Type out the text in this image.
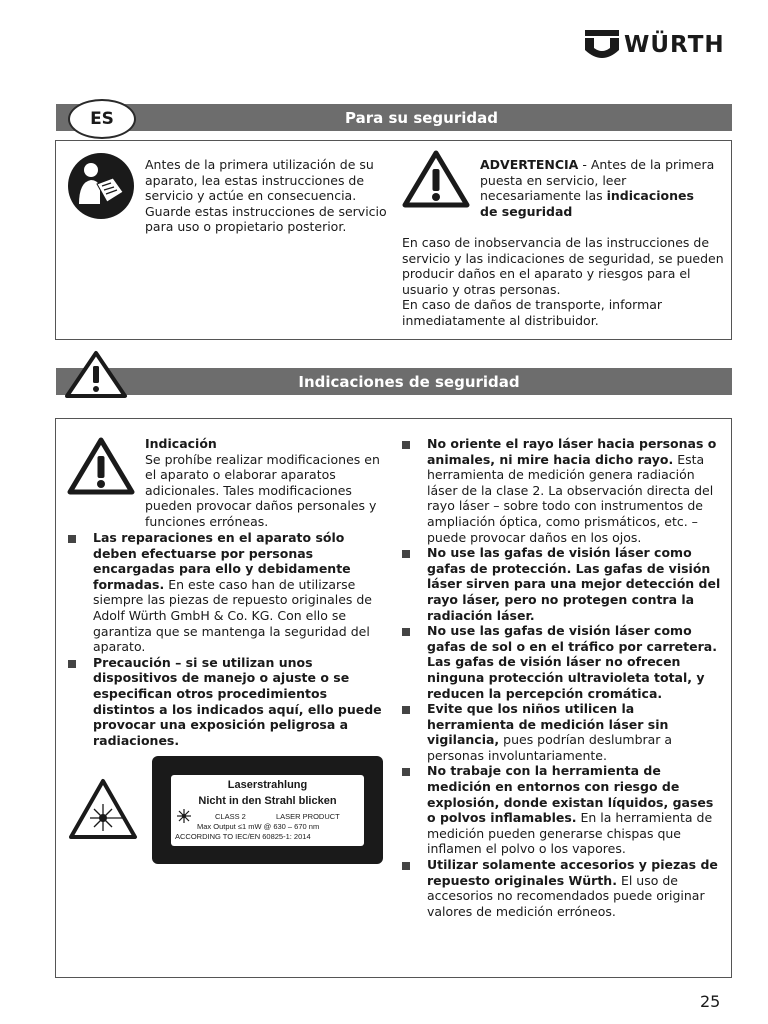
WÜRTH
Para su seguridad
ES
Antes de la primera utilización de su aparato, lea estas instrucciones de servicio y actúe en consecuencia. Guarde estas instrucciones de servicio para uso o propietario posterior.
ADVERTENCIA - Antes de la primera puesta en servicio, leer necesariamente las indicaciones de seguridad
En caso de inobservancia de las instrucciones de servicio y las indicaciones de seguridad, se pueden producir daños en el aparato y riesgos para el usuario y otras personas.
En caso de daños de transporte, informar inmediatamente al distribuidor.
Indicaciones de seguridad
Indicación
Se prohíbe realizar modificaciones en el aparato o elaborar aparatos adicionales. Tales modificaciones pueden provocar daños personales y funciones erróneas.
Las reparaciones en el aparato sólo deben efectuarse por personas encargadas para ello y debidamente formadas. En este caso han de utilizarse siempre las piezas de repuesto originales de Adolf Würth GmbH & Co. KG. Con ello se garantiza que se mantenga la seguridad del aparato.
Precaución – si se utilizan unos dispositivos de manejo o ajuste o se especifican otros procedimientos distintos a los indicados aquí, ello puede provocar una exposición peligrosa a radiaciones.
Laserstrahlung
Nicht in den Strahl blicken
CLASS 2	LASER PRODUCT
Max Output ≤1 mW @ 630 – 670 nm
ACCORDING TO IEC/EN 60825-1: 2014
No oriente el rayo láser hacia personas o animales, ni mire hacia dicho rayo. Esta herramienta de medición genera radiación láser de la clase 2. La observación directa del rayo láser – sobre todo con instrumentos de ampliación óptica, como prismáticos, etc. – puede provocar daños en los ojos.
No use las gafas de visión láser como gafas de protección. Las gafas de visión láser sirven para una mejor detección del rayo láser, pero no protegen contra la radiación láser.
No use las gafas de visión láser como gafas de sol o en el tráfico por carretera. Las gafas de visión láser no ofrecen ninguna protección ultravioleta total, y reducen la percepción cromática.
Evite que los niños utilicen la herramienta de medición láser sin vigilancia, pues podrían deslumbrar a personas involuntariamente.
No trabaje con la herramienta de medición en entornos con riesgo de explosión, donde existan líquidos, gases o polvos inflamables. En la herramienta de medición pueden generarse chispas que inflamen el polvo o los vapores.
Utilizar solamente accesorios y piezas de repuesto originales Würth. El uso de accesorios no recomendados puede originar valores de medición erróneos.
25
